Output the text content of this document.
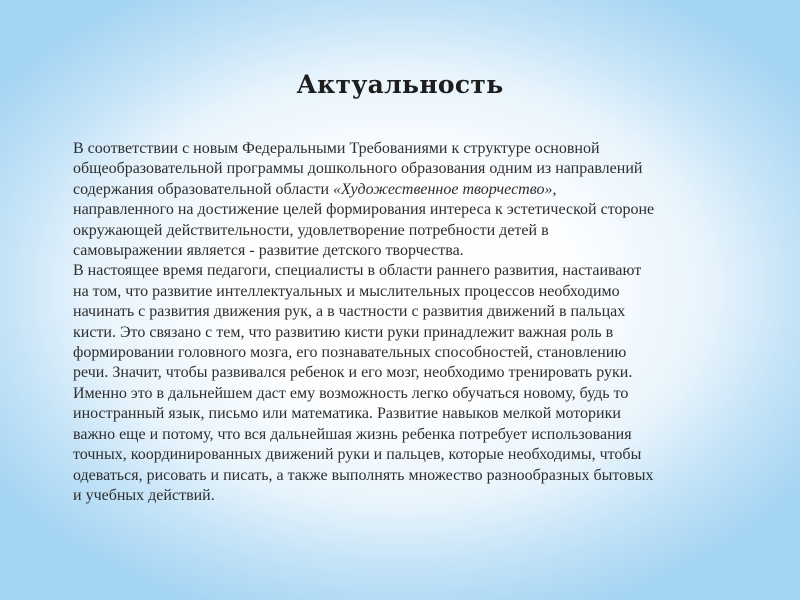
Актуальность
В соответствии с новым Федеральными Требованиями к структуре основной
общеобразовательной программы дошкольного образования одним из направлений
содержания образовательной области «Художественное творчество»,
направленного на достижение целей формирования интереса к эстетической стороне
окружающей действительности, удовлетворение потребности детей в
самовыражении является - развитие детского творчества.
В настоящее время педагоги, специалисты в области раннего развития, настаивают
на том, что развитие интеллектуальных и мыслительных процессов необходимо
начинать с развития движения рук, а в частности с развития движений в пальцах
кисти. Это связано с тем, что развитию кисти руки принадлежит важная роль в
формировании головного мозга, его познавательных способностей, становлению
речи. Значит, чтобы развивался ребенок и его мозг, необходимо тренировать руки.
Именно это в дальнейшем даст ему возможность легко обучаться новому, будь то
иностранный язык, письмо или математика. Развитие навыков мелкой моторики
важно еще и потому, что вся дальнейшая жизнь ребенка потребует использования
точных, координированных движений руки и пальцев, которые необходимы, чтобы
одеваться, рисовать и писать, а также выполнять множество разнообразных бытовых
и учебных действий.
